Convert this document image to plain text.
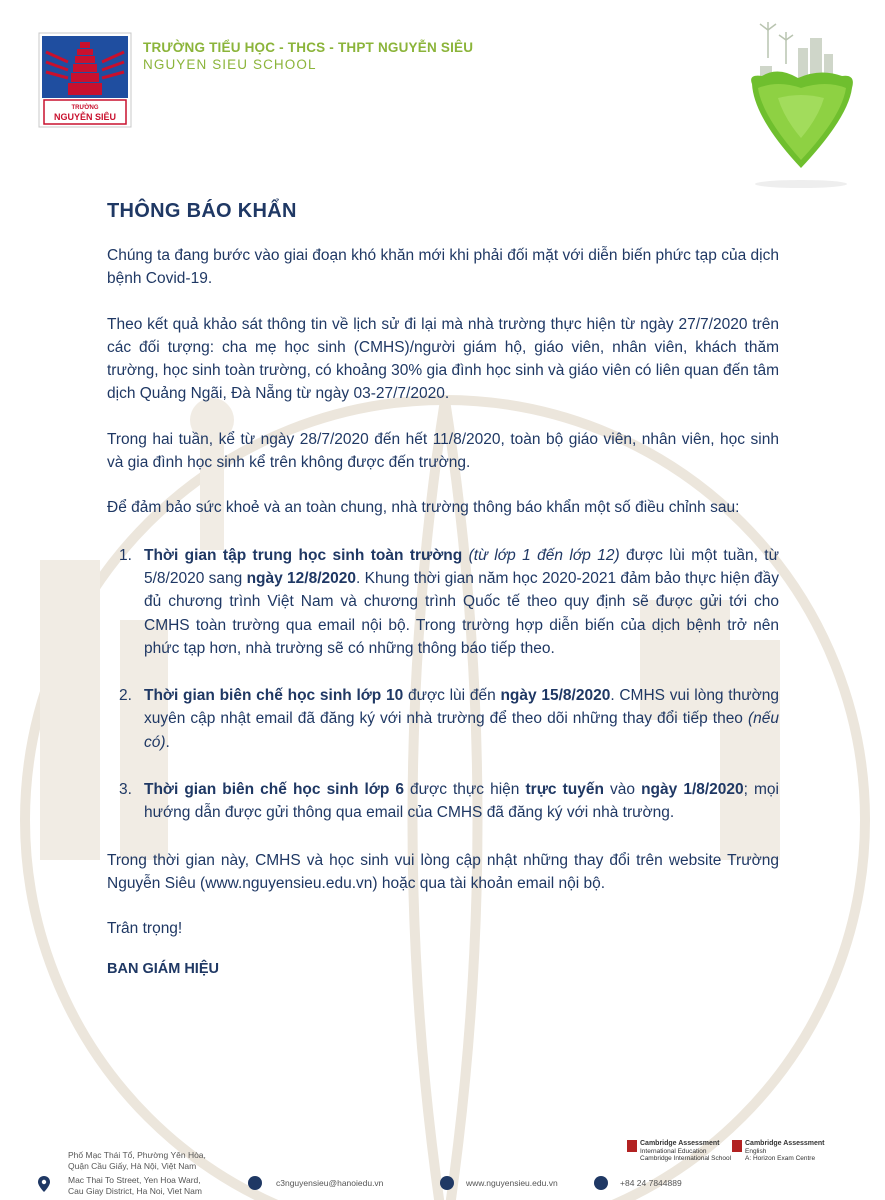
TRƯỜNG
NGUYỄN SIÊU
TRƯỜNG TIỂU HỌC - THCS - THPT NGUYỄN SIÊU
NGUYEN SIEU SCHOOL
THÔNG BÁO KHẨN

Chúng ta đang bước vào giai đoạn khó khăn mới khi phải đối mặt với diễn biến phức tạp của dịch bệnh Covid-19.

Theo kết quả khảo sát thông tin về lịch sử đi lại mà nhà trường thực hiện từ ngày 27/7/2020 trên các đối tượng: cha mẹ học sinh (CMHS)/người giám hộ, giáo viên, nhân viên, khách thăm trường, học sinh toàn trường, có khoảng 30% gia đình học sinh và giáo viên có liên quan đến tâm dịch Quảng Ngãi, Đà Nẵng từ ngày 03-27/7/2020.

Trong hai tuần, kể từ ngày 28/7/2020 đến hết 11/8/2020, toàn bộ giáo viên, nhân viên, học sinh và gia đình học sinh kể trên không được đến trường.

Để đảm bảo sức khoẻ và an toàn chung, nhà trường thông báo khẩn một số điều chỉnh sau:

1. Thời gian tập trung học sinh toàn trường (từ lớp 1 đến lớp 12) được lùi một tuần, từ 5/8/2020 sang ngày 12/8/2020. Khung thời gian năm học 2020-2021 đảm bảo thực hiện đầy đủ chương trình Việt Nam và chương trình Quốc tế theo quy định sẽ được gửi tới cho CMHS toàn trường qua email nội bộ. Trong trường hợp diễn biến của dịch bệnh trở nên phức tạp hơn, nhà trường sẽ có những thông báo tiếp theo.
2. Thời gian biên chế học sinh lớp 10 được lùi đến ngày 15/8/2020. CMHS vui lòng thường xuyên cập nhật email đã đăng ký với nhà trường để theo dõi những thay đổi tiếp theo (nếu có).
3. Thời gian biên chế học sinh lớp 6 được thực hiện trực tuyến vào ngày 1/8/2020; mọi hướng dẫn được gửi thông qua email của CMHS đã đăng ký với nhà trường.

Trong thời gian này, CMHS và học sinh vui lòng cập nhật những thay đổi trên website Trường Nguyễn Siêu (www.nguyensieu.edu.vn) hoặc qua tài khoản email nội bộ.

Trân trọng!

BAN GIÁM HIỆU
Phố Mạc Thái Tổ, Phường Yên Hòa,
Quận Cầu Giấy, Hà Nội, Việt Nam
Mac Thai To Street, Yen Hoa Ward,
Cau Giay District, Ha Noi, Viet Nam
c3nguyensieu@hanoiedu.vn	www.nguyensieu.edu.vn	+84 24 7844889
Cambridge Assessment
International Education
Cambridge International School
Cambridge Assessment
English
A: Horizon Exam Centre
